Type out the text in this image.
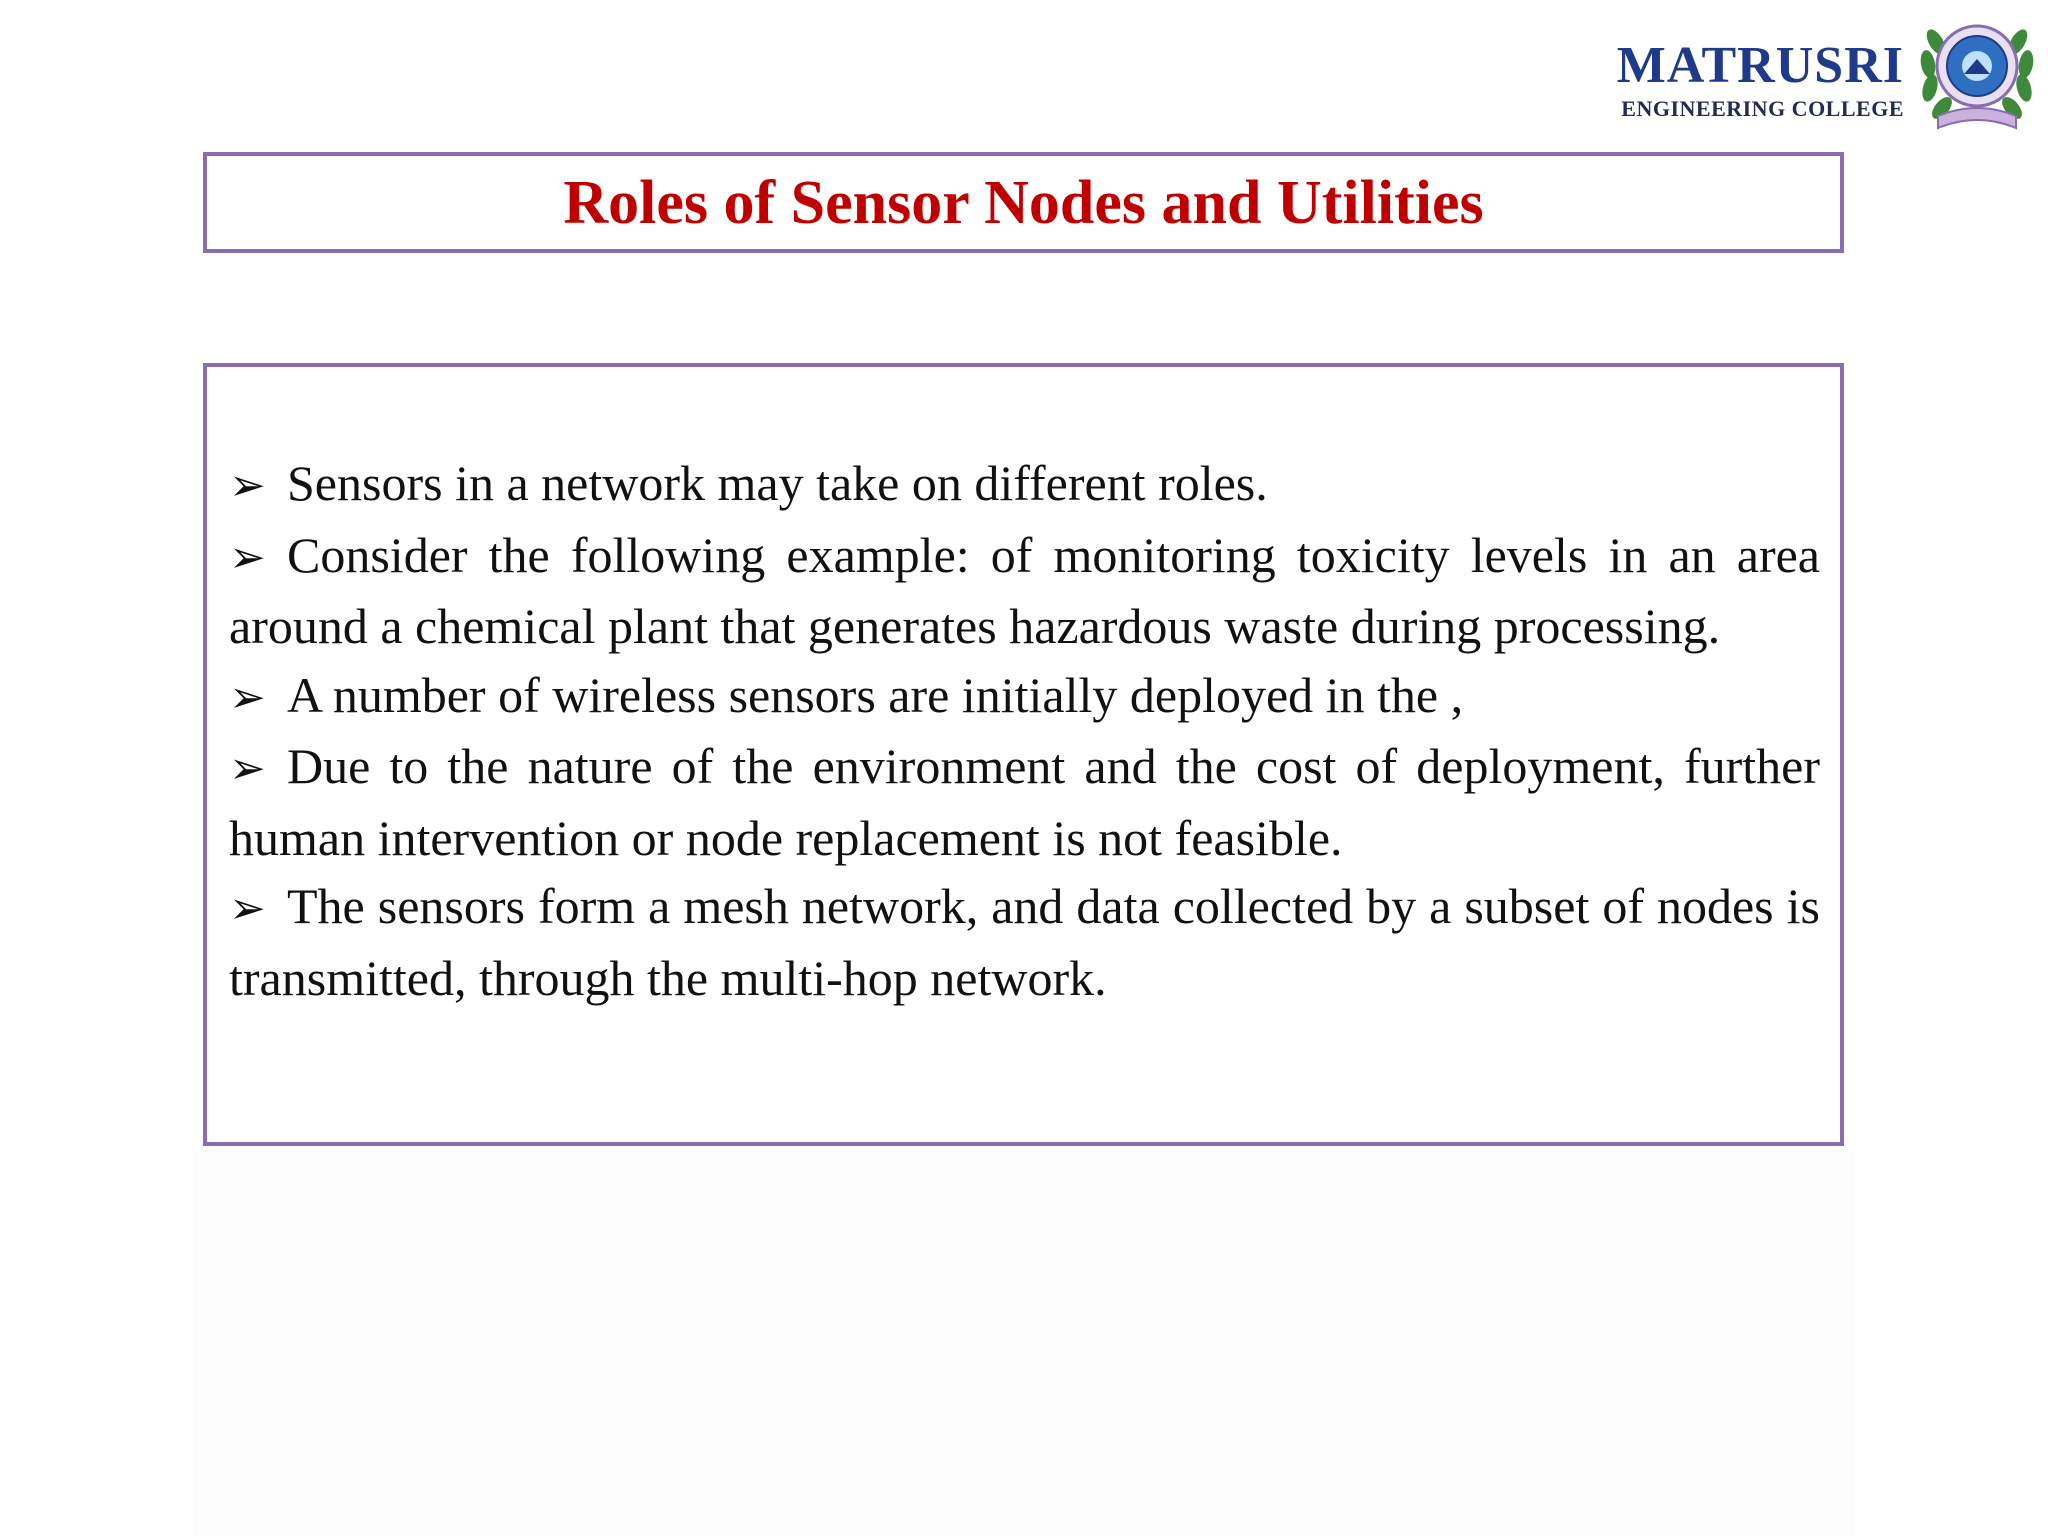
MATRUSRI
ENGINEERING COLLEGE
Roles of Sensor Nodes and Utilities
➢ Sensors in a network may take on different roles.
➢ Consider the following example: of monitoring toxicity levels in an area around a chemical plant that generates hazardous waste during processing.
➢ A number of wireless sensors are initially deployed in the ,
➢ Due to the nature of the environment and the cost of deployment, further human intervention or node replacement is not feasible.
➢ The sensors form a mesh network, and data collected by a subset of nodes is transmitted, through the multi-hop network.
